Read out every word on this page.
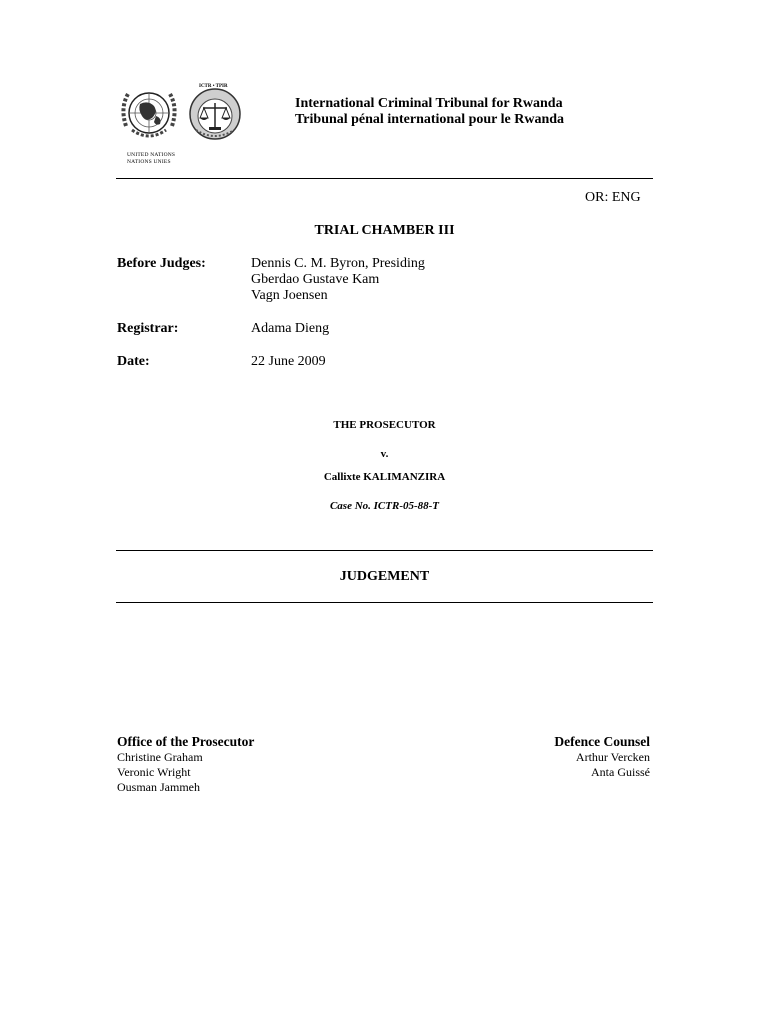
ICTR • TPIR
UNITED NATIONS
NATIONS UNIES
International Criminal Tribunal for Rwanda
Tribunal pénal international pour le Rwanda
OR: ENG
TRIAL CHAMBER III
Before Judges:	Dennis C. M. Byron, Presiding
Gberdao Gustave Kam
Vagn Joensen
Registrar:	Adama Dieng
Date:	22 June 2009
THE PROSECUTOR
v.
Callixte KALIMANZIRA
Case No. ICTR-05-88-T
JUDGEMENT
Office of the Prosecutor
Christine Graham
Veronic Wright
Ousman Jammeh
Defence Counsel
Arthur Vercken
Anta Guissé
